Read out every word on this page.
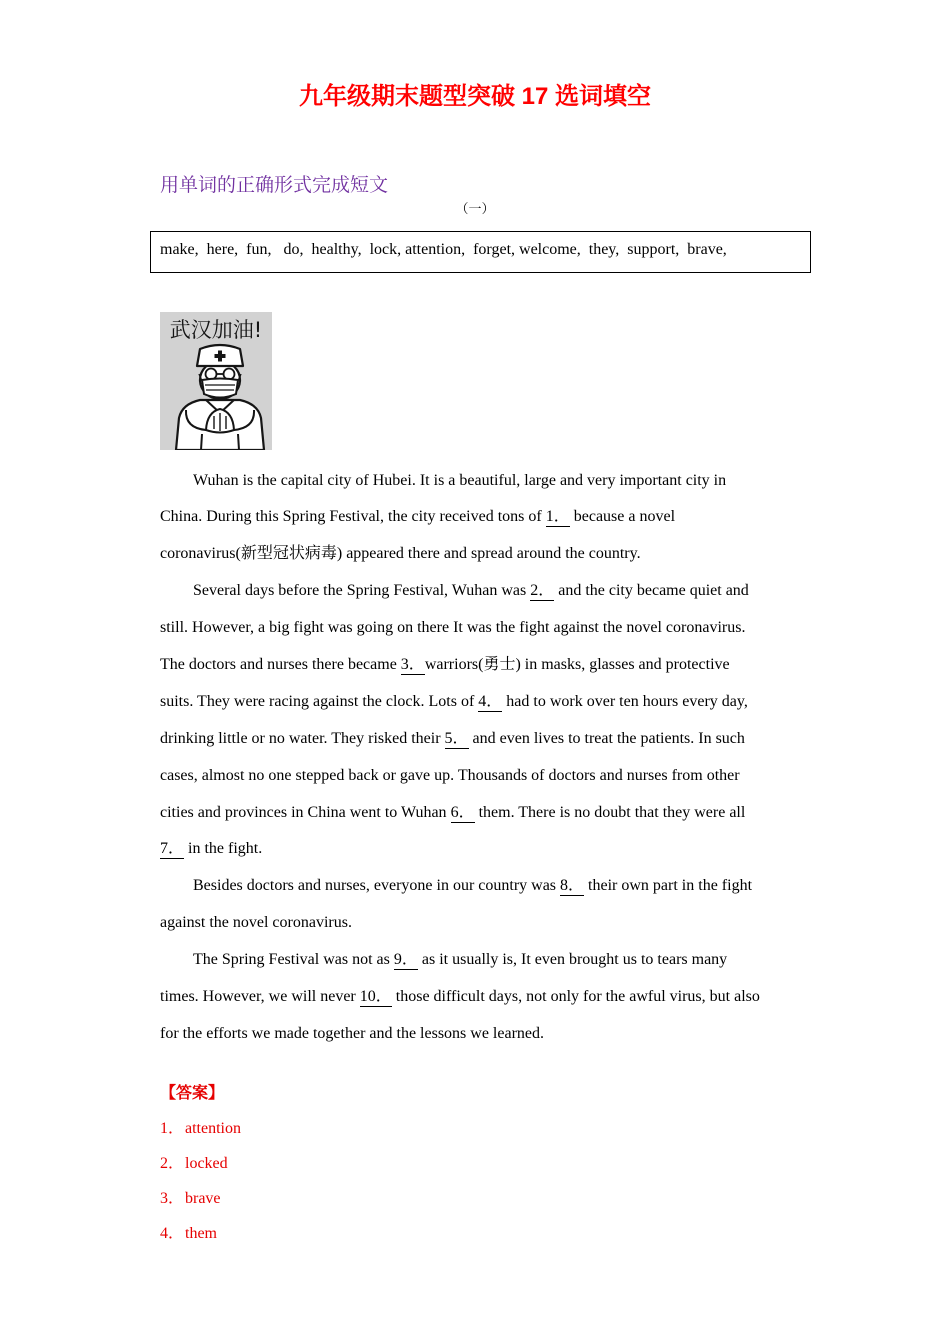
九年级期末题型突破 17 选词填空
用单词的正确形式完成短文
（一）
make,  here,  fun,   do,  healthy,  lock, attention,  forget, welcome,  they,  support,  brave,
武汉加油!
Wuhan is the capital city of Hubei. It is a beautiful, large and very important city in
China. During this Spring Festival, the city received tons of 1． because a novel
coronavirus(新型冠状病毒) appeared there and spread around the country.
Several days before the Spring Festival, Wuhan was 2． and the city became quiet and
still. However, a big fight was going on there It was the fight against the novel coronavirus.
The doctors and nurses there became 3．warriors(勇士) in masks, glasses and protective
suits. They were racing against the clock. Lots of 4． had to work over ten hours every day,
drinking little or no water. They risked their 5． and even lives to treat the patients. In such
cases, almost no one stepped back or gave up. Thousands of doctors and nurses from other
cities and provinces in China went to Wuhan 6． them. There is no doubt that they were all
7． in the fight.
Besides doctors and nurses, everyone in our country was 8． their own part in the fight
against the novel coronavirus.
The Spring Festival was not as 9． as it usually is, It even brought us to tears many
times. However, we will never 10． those difficult days, not only for the awful virus, but also
for the efforts we made together and the lessons we learned.
【答案】
1．attention
2．locked
3．brave
4．them
